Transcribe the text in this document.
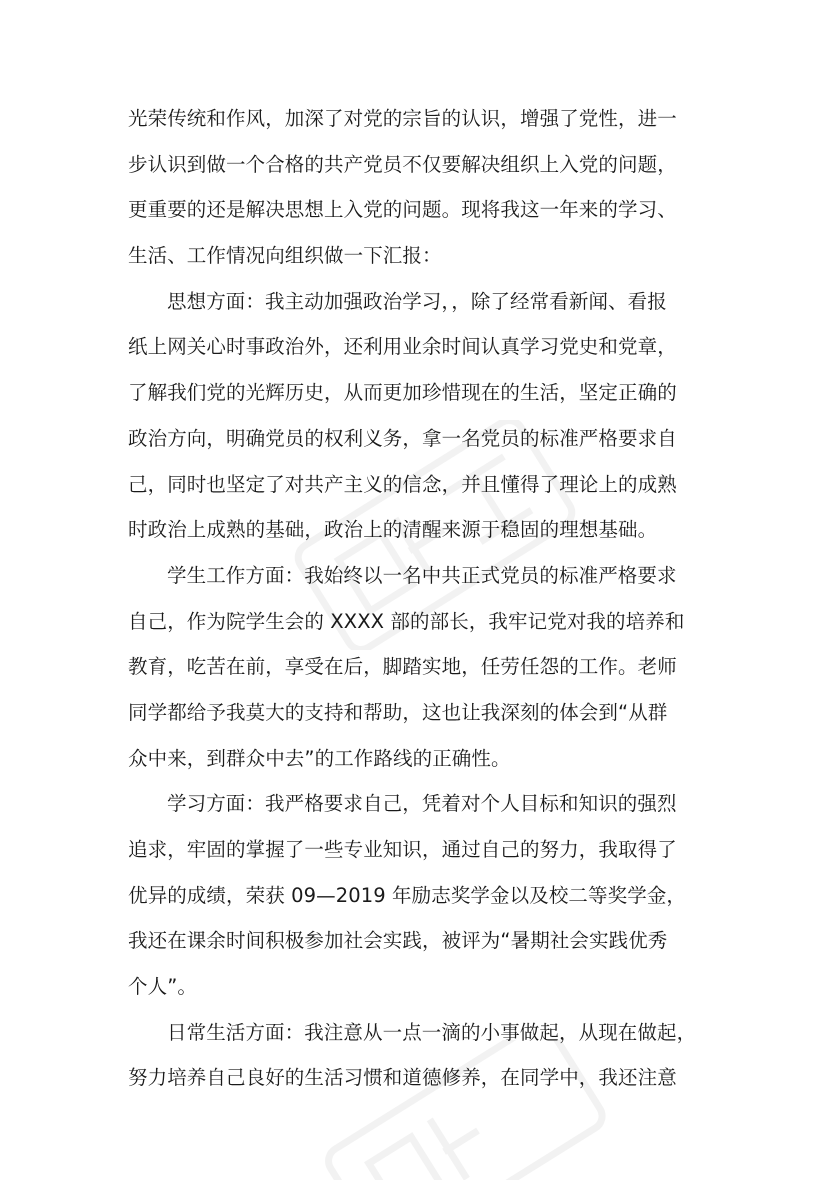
光荣传统和作风，加深了对党的宗旨的认识，增强了党性，进一
步认识到做一个合格的共产党员不仅要解决组织上入党的问题，
更重要的还是解决思想上入党的问题。现将我这一年来的学习、
生活、工作情况向组织做一下汇报：
思想方面：我主动加强政治学习，，除了经常看新闻、看报
纸上网关心时事政治外，还利用业余时间认真学习党史和党章，
了解我们党的光辉历史，从而更加珍惜现在的生活，坚定正确的
政治方向，明确党员的权利义务，拿一名党员的标准严格要求自
己，同时也坚定了对共产主义的信念，并且懂得了理论上的成熟
时政治上成熟的基础，政治上的清醒来源于稳固的理想基础。
学生工作方面：我始终以一名中共正式党员的标准严格要求
自己，作为院学生会的 XXXX 部的部长，我牢记党对我的培养和
教育，吃苦在前，享受在后，脚踏实地，任劳任怨的工作。老师
同学都给予我莫大的支持和帮助，这也让我深刻的体会到“从群
众中来，到群众中去”的工作路线的正确性。
学习方面：我严格要求自己，凭着对个人目标和知识的强烈
追求，牢固的掌握了一些专业知识，通过自己的努力，我取得了
优异的成绩，荣获 09—2019 年励志奖学金以及校二等奖学金，
我还在课余时间积极参加社会实践，被评为“暑期社会实践优秀
个人”。
日常生活方面：我注意从一点一滴的小事做起，从现在做起，
努力培养自己良好的生活习惯和道德修养，在同学中，我还注意
